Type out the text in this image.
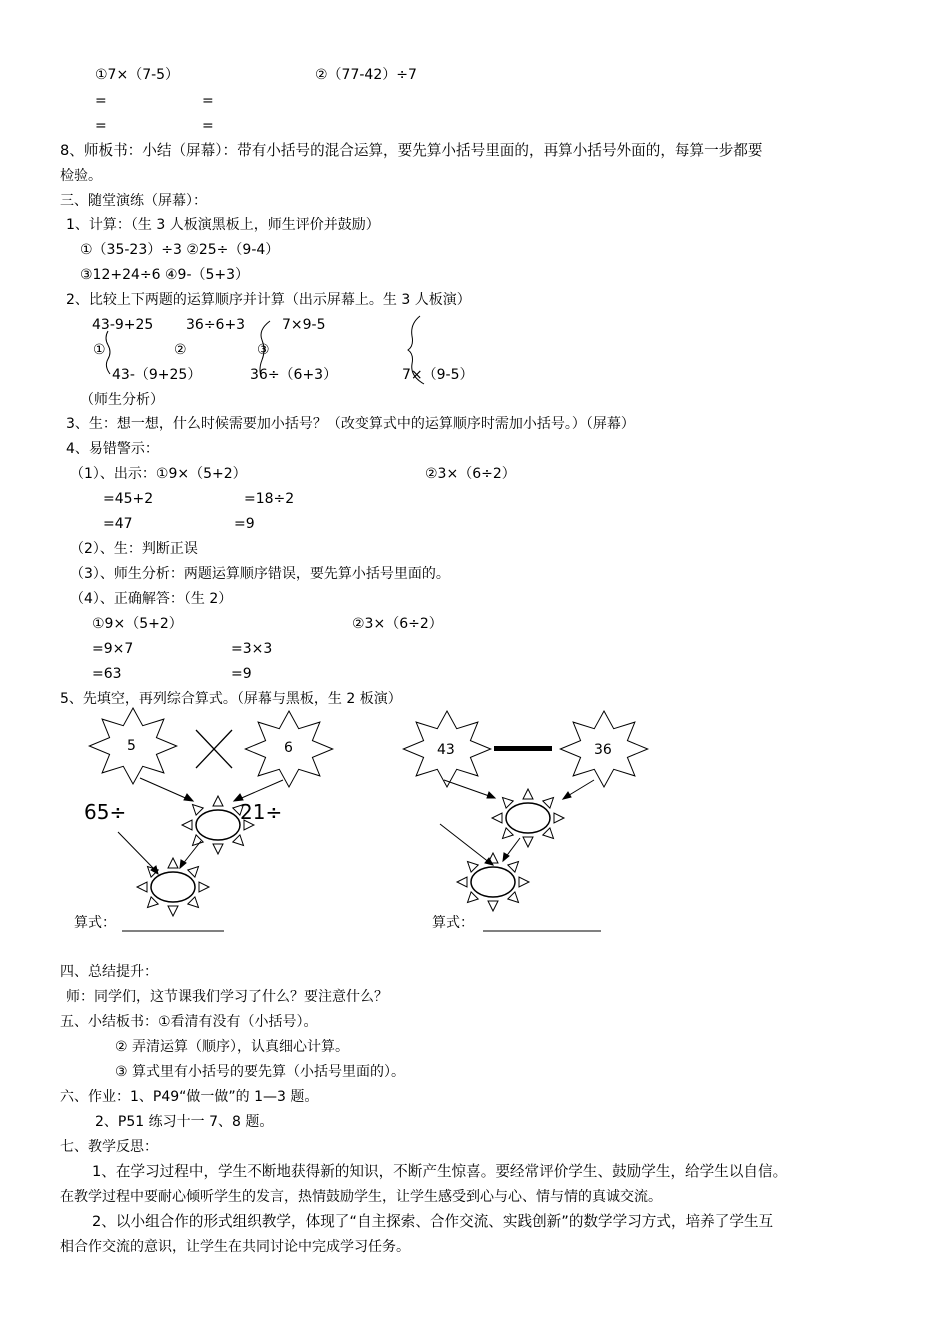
①7×（7-5）	②（77-42）÷7
=	=
=	=
8、师板书：小结（屏幕）：带有小括号的混合运算，要先算小括号里面的，再算小括号外面的，每算一步都要
检验。
三、随堂演练（屏幕）：
1、计算：（生 3 人板演黑板上，师生评价并鼓励）
①（35-23）÷3 ②25÷（9-4）
③12+24÷6 ④9-（5+3）
2、比较上下两题的运算顺序并计算（出示屏幕上。生 3 人板演）
43-9+25 36÷6+3	7×9-5
①	②	③
43-（9+25）	36÷（6+3）	7×（9-5）
（师生分析）
3、生：想一想，什么时候需要加小括号？（改变算式中的运算顺序时需加小括号。）（屏幕）
4、易错警示：
（1）、出示：①9×（5+2）	②3×（6÷2）
=45+2	=18÷2
=47	=9
（2）、生：判断正误
（3）、师生分析：两题运算顺序错误，要先算小括号里面的。
（4）、正确解答：（生 2）
①9×（5+2）	②3×（6÷2）
=9×7	=3×3
=63	=9
5、先填空，再列综合算式。（屏幕与黑板，生 2 板演）
5	6
65÷	21÷
43	36
算式：	算式：
四、总结提升：
师：同学们，这节课我们学习了什么？要注意什么？
五、小结板书：①看清有没有（小括号）。
② 弄清运算（顺序），认真细心计算。
③ 算式里有小括号的要先算（小括号里面的）。
六、作业：1、P49“做一做”的 1—3 题。
2、P51 练习十一 7、8 题。
七、教学反思：
1、在学习过程中，学生不断地获得新的知识，不断产生惊喜。要经常评价学生、鼓励学生，给学生以自信。
在教学过程中要耐心倾听学生的发言，热情鼓励学生，让学生感受到心与心、情与情的真诚交流。
2、以小组合作的形式组织教学，体现了“自主探索、合作交流、实践创新”的数学学习方式，培养了学生互
相合作交流的意识，让学生在共同讨论中完成学习任务。
